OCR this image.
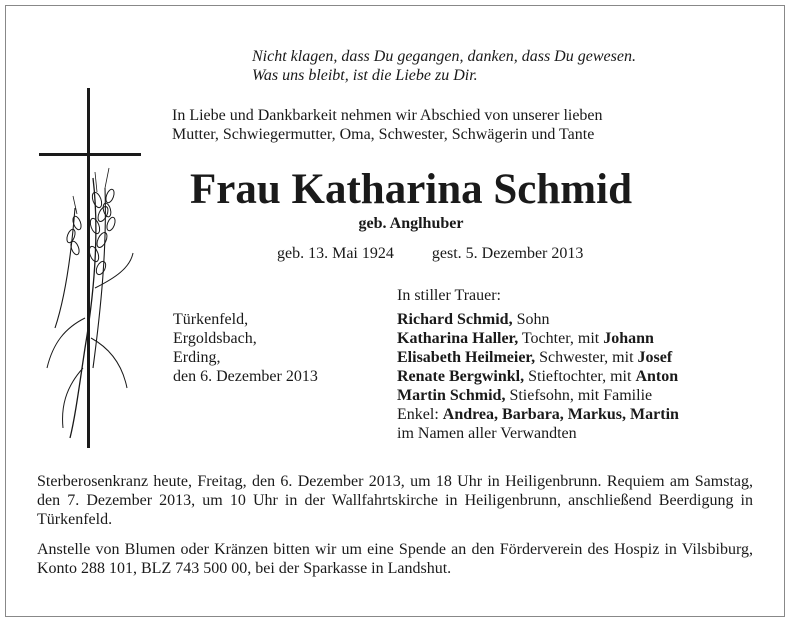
Nicht klagen, dass Du gegangen, danken, dass Du gewesen.
Was uns bleibt, ist die Liebe zu Dir.
In Liebe und Dankbarkeit nehmen wir Abschied von unserer lieben
Mutter, Schwiegermutter, Oma, Schwester, Schwägerin und Tante
Frau Katharina Schmid
geb. Anglhuber
geb. 13. Mai 1924 gest. 5. Dezember 2013
In stiller Trauer:
Türkenfeld,
Ergoldsbach,
Erding,
den 6. Dezember 2013
Richard Schmid, Sohn
Katharina Haller, Tochter, mit Johann
Elisabeth Heilmeier, Schwester, mit Josef
Renate Bergwinkl, Stieftochter, mit Anton
Martin Schmid, Stiefsohn, mit Familie
Enkel: Andrea, Barbara, Markus, Martin
im Namen aller Verwandten
Sterberosenkranz heute, Freitag, den 6. Dezember 2013, um 18 Uhr in Heiligenbrunn. Requiem am Samstag, den 7. Dezember 2013, um 10 Uhr in der Wallfahrtskirche in Heiligenbrunn, anschließend Beerdigung in Türkenfeld.
Anstelle von Blumen oder Kränzen bitten wir um eine Spende an den Förderverein des Hospiz in Vilsbiburg, Konto 288 101, BLZ 743 500 00, bei der Sparkasse in Landshut.
